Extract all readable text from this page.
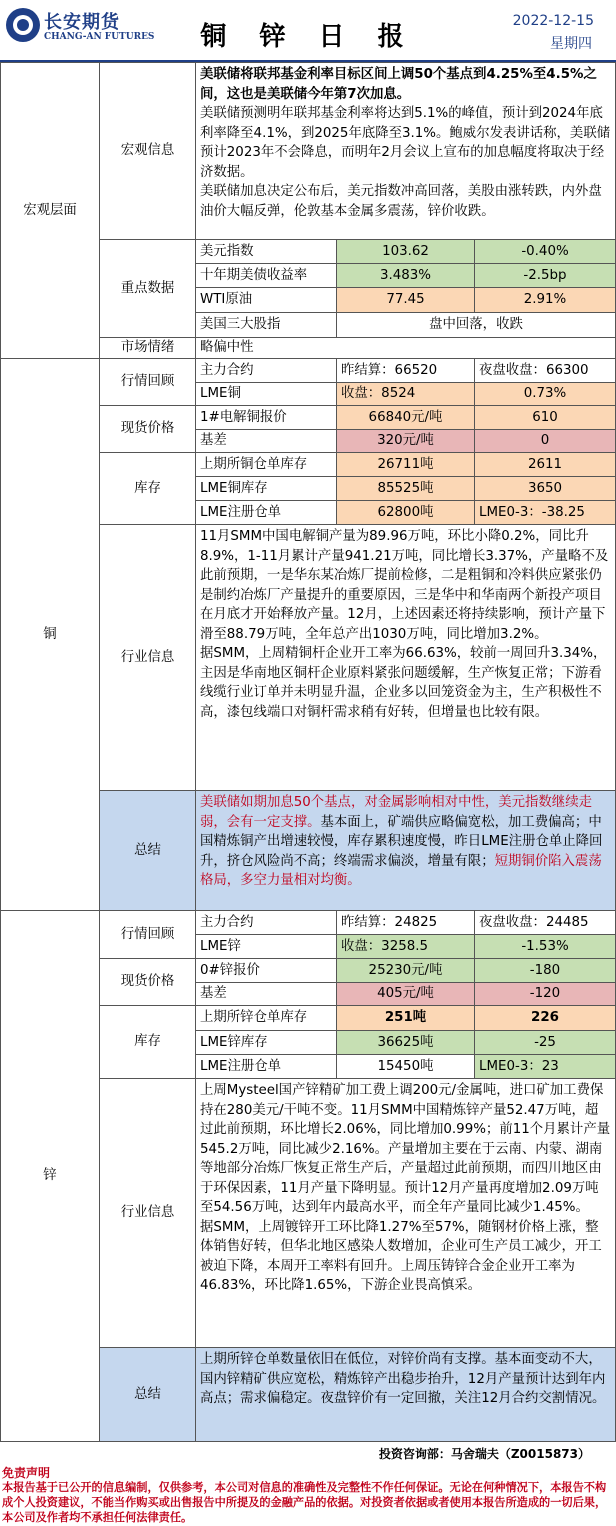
长安期货
CHANG-AN FUTURES	铜 锌 日 报
2022-12-15
星期四
宏观层面
宏观信息
美联储将联邦基金利率目标区间上调50个基点到4.25%至4.5%之间，这也是美联储今年第7次加息。
美联储预测明年联邦基金利率将达到5.1%的峰值，预计到2024年底利率降至4.1%，到2025年底降至3.1%。鲍威尔发表讲话称，美联储预计2023年不会降息，而明年2月会议上宣布的加息幅度将取决于经济数据。
美联储加息决定公布后，美元指数冲高回落，美股由涨转跌，内外盘油价大幅反弹，伦敦基本金属多震荡，锌价收跌。
重点数据
美元指数	103.62	-0.40%
十年期美债收益率	3.483%	-2.5bp
WTI原油	77.45	2.91%
美国三大股指	盘中回落，收跌
市场情绪	略偏中性
铜
行情回顾
主力合约	昨结算：66520	夜盘收盘：66300
LME铜	收盘：8524	0.73%
现货价格
1#电解铜报价	66840元/吨	610
基差	320元/吨	0
库存
上期所铜仓单库存	26711吨	2611
LME铜库存	85525吨	3650
LME注册仓单	62800吨	LME0-3：-38.25
行业信息
11月SMM中国电解铜产量为89.96万吨，环比小降0.2%，同比升8.9%，1-11月累计产量941.21万吨，同比增长3.37%，产量略不及此前预期，一是华东某冶炼厂提前检修，二是粗铜和冷料供应紧张仍是制约冶炼厂产量提升的重要原因，三是华中和华南两个新投产项目在月底才开始释放产量。12月，上述因素还将持续影响，预计产量下滑至88.79万吨，全年总产出1030万吨，同比增加3.2%。
据SMM，上周精铜杆企业开工率为66.63%，较前一周回升3.34%，主因是华南地区铜杆企业原料紧张问题缓解，生产恢复正常；下游看线缆行业订单并未明显升温，企业多以回笼资金为主，生产积极性不高，漆包线端口对铜杆需求稍有好转，但增量也比较有限。
总结
美联储如期加息50个基点，对金属影响相对中性，美元指数继续走弱，会有一定支撑。基本面上，矿端供应略偏宽松，加工费偏高；中国精炼铜产出增速较慢，库存累积速度慢，昨日LME注册仓单止降回升，挤仓风险尚不高；终端需求偏淡，增量有限；短期铜价陷入震荡格局，多空力量相对均衡。
锌
行情回顾
主力合约	昨结算：24825	夜盘收盘：24485
LME锌	收盘：3258.5	-1.53%
现货价格
0#锌报价	25230元/吨	-180
基差	405元/吨	-120
库存
上期所锌仓单库存	251吨	226
LME锌库存	36625吨	-25
LME注册仓单	15450吨	LME0-3：23
行业信息
上周Mysteel国产锌精矿加工费上调200元/金属吨，进口矿加工费保持在280美元/干吨不变。11月SMM中国精炼锌产量52.47万吨，超过此前预期，环比增长2.06%，同比增加0.99%；前11个月累计产量545.2万吨，同比减少2.16%。产量增加主要在于云南、内蒙、湖南等地部分冶炼厂恢复正常生产后，产量超过此前预期，而四川地区由于环保因素，11月产量下降明显。预计12月产量再度增加2.09万吨至54.56万吨，达到年内最高水平，而全年产量同比减少1.45%。
据SMM，上周镀锌开工环比降1.27%至57%，随钢材价格上涨，整体销售好转，但华北地区感染人数增加，企业可生产员工减少，开工被迫下降，本周开工率料有回升。上周压铸锌合金企业开工率为46.83%，环比降1.65%，下游企业畏高慎采。
总结
上期所锌仓单数量依旧在低位，对锌价尚有支撑。基本面变动不大，国内锌精矿供应宽松，精炼锌产出稳步抬升，12月产量预计达到年内高点；需求偏稳定。夜盘锌价有一定回撤，关注12月合约交割情况。
投资咨询部：马舍瑞夫（Z0015873）
免责声明
本报告基于已公开的信息编制，仅供参考，本公司对信息的准确性及完整性不作任何保证。无论在何种情况下，本报告不构成个人投资建议，不能当作购买或出售报告中所提及的金融产品的依据。对投资者依据或者使用本报告所造成的一切后果，本公司及作者均不承担任何法律责任。
